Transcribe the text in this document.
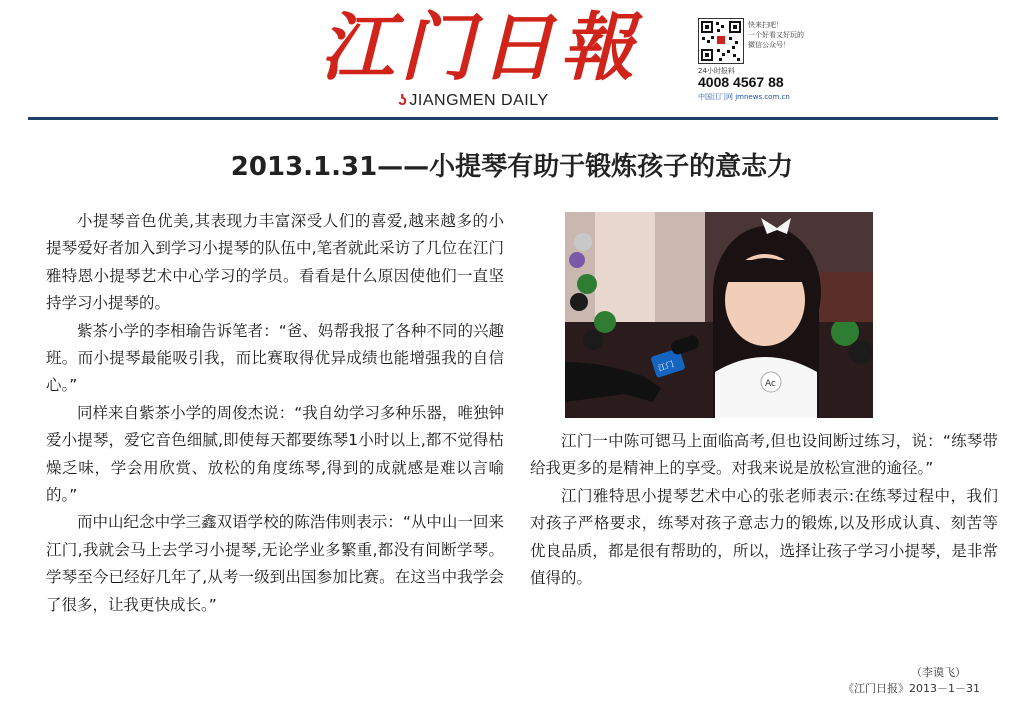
江门日報
ʖ JIANGMEN DAILY
快来扫吧！
一个好看又好玩的
微信公众号！
24小时报料
4008 4567 88
中国江门网 jmnews.com.cn
2013.1.31——小提琴有助于锻炼孩子的意志力

小提琴音色优美,其表现力丰富深受人们的喜爱,越来越多的小提琴爱好者加入到学习小提琴的队伍中,笔者就此采访了几位在江门雅特恩小提琴艺术中心学习的学员。看看是什么原因使他们一直坚持学习小提琴的。

紫茶小学的李相瑜告诉笔者：“爸、妈帮我报了各种不同的兴趣班。而小提琴最能吸引我，而比赛取得优异成绩也能增强我的自信心。”

同样来自紫茶小学的周俊杰说：“我自幼学习多种乐器，唯独钟爱小提琴，爱它音色细腻,即使每天都要练琴1小时以上,都不觉得枯燥乏味，学会用欣赏、放松的角度练琴,得到的成就感是难以言喻的。”

而中山纪念中学三鑫双语学校的陈浩伟则表示：“从中山一回来江门,我就会马上去学习小提琴,无论学业多繁重,都没有间断学琴。学琴至今已经好几年了,从考一级到出国参加比赛。在这当中我学会了很多，让我更快成长。”

Ac
江门

江门一中陈可锶马上面临高考,但也设间断过练习，说：“练琴带给我更多的是精神上的享受。对我来说是放松宣泄的逾径。”

江门雅特思小提琴艺术中心的张老师表示:在练琴过程中，我们对孩子严格要求，练琴对孩子意志力的锻炼,以及形成认真、刻苦等优良品质，都是很有帮助的，所以，选择让孩子学习小提琴，是非常值得的。

（李谟飞）
《江门日报》2013－1－31
